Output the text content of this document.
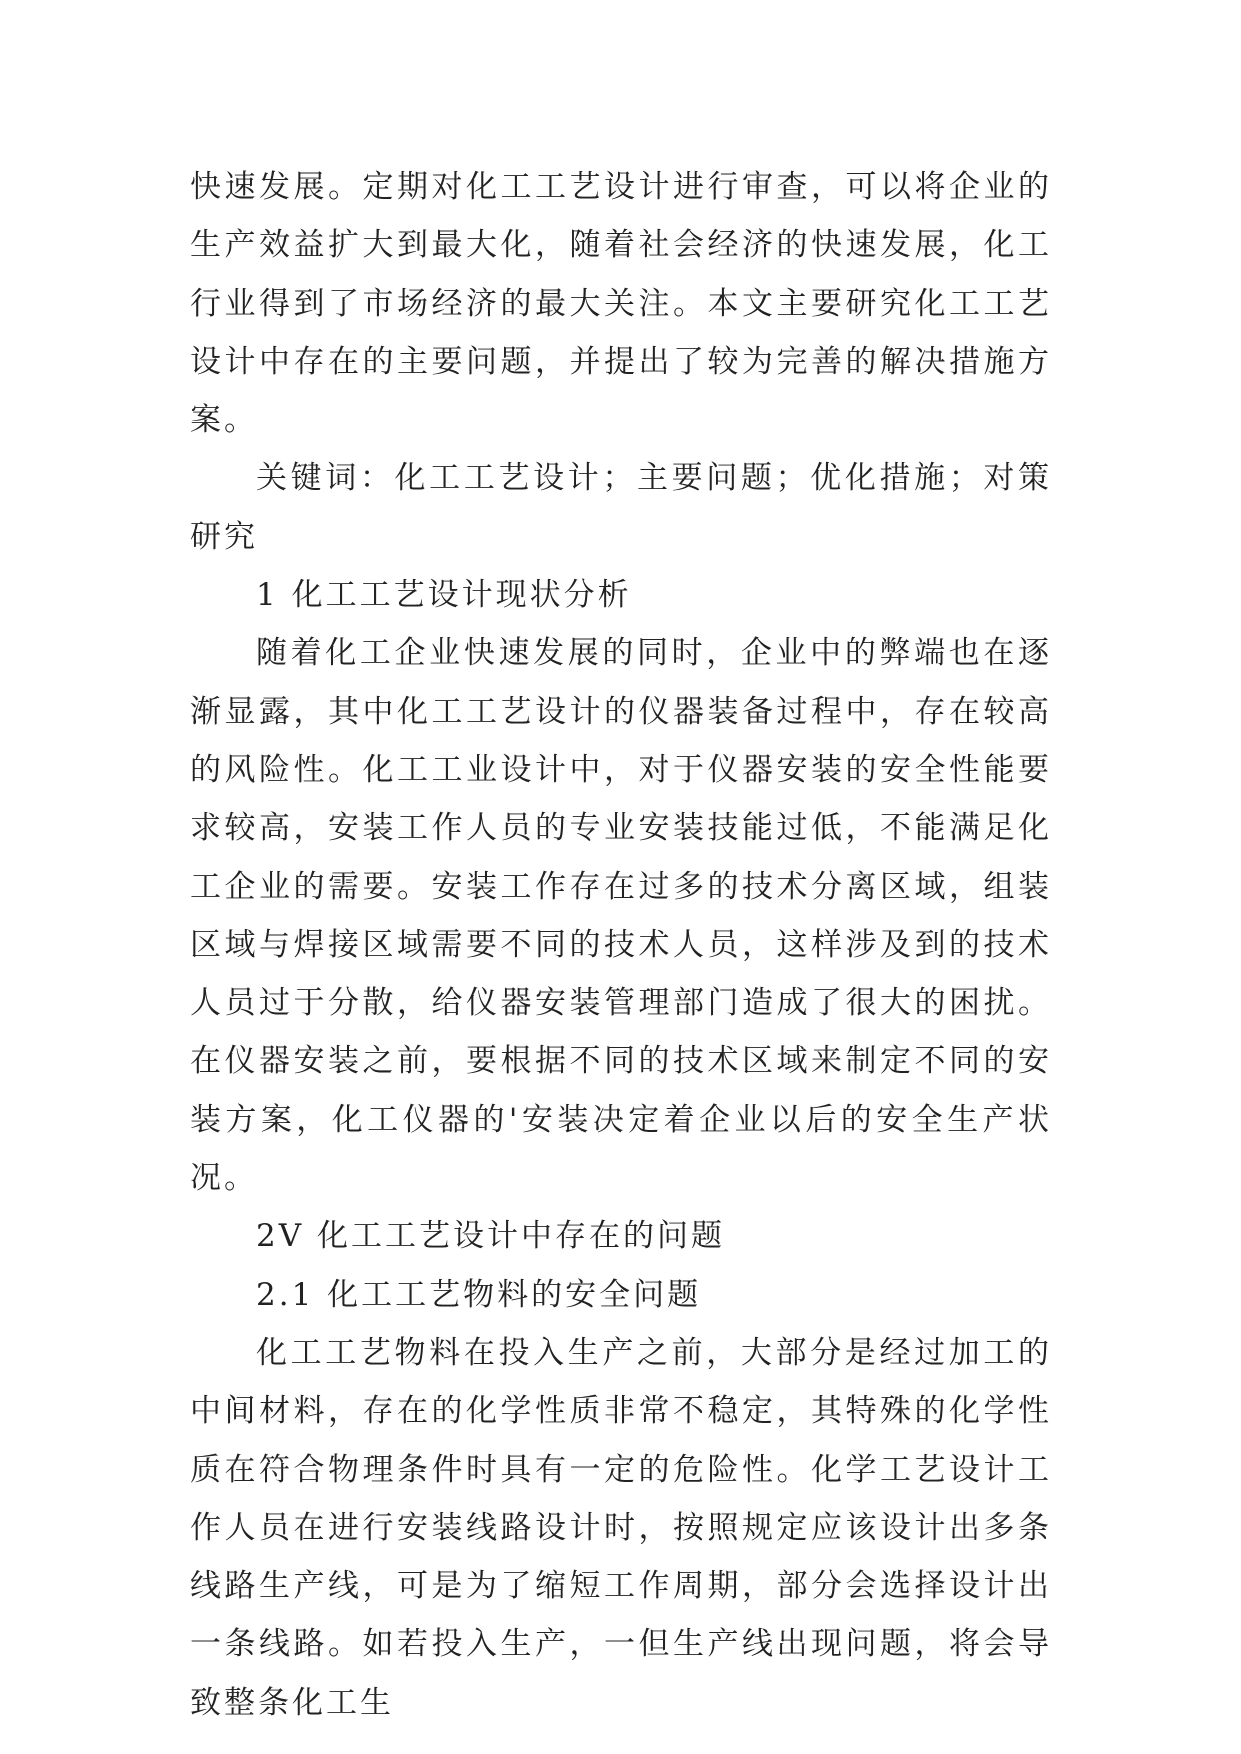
快速发展。定期对化工工艺设计进行审查，可以将企业的生产效益扩大到最大化，随着社会经济的快速发展，化工行业得到了市场经济的最大关注。本文主要研究化工工艺设计中存在的主要问题，并提出了较为完善的解决措施方案。

关键词：化工工艺设计；主要问题；优化措施；对策研究

1 化工工艺设计现状分析

随着化工企业快速发展的同时，企业中的弊端也在逐渐显露，其中化工工艺设计的仪器装备过程中，存在较高的风险性。化工工业设计中，对于仪器安装的安全性能要求较高，安装工作人员的专业安装技能过低，不能满足化工企业的需要。安装工作存在过多的技术分离区域，组装区域与焊接区域需要不同的技术人员，这样涉及到的技术人员过于分散，给仪器安装管理部门造成了很大的困扰。在仪器安装之前，要根据不同的技术区域来制定不同的安装方案，化工仪器的'安装决定着企业以后的安全生产状况。

2V 化工工艺设计中存在的问题

2.1 化工工艺物料的安全问题

化工工艺物料在投入生产之前，大部分是经过加工的中间材料，存在的化学性质非常不稳定，其特殊的化学性质在符合物理条件时具有一定的危险性。化学工艺设计工作人员在进行安装线路设计时，按照规定应该设计出多条线路生产线，可是为了缩短工作周期，部分会选择设计出一条线路。如若投入生产，一但生产线出现问题，将会导致整条化工生
